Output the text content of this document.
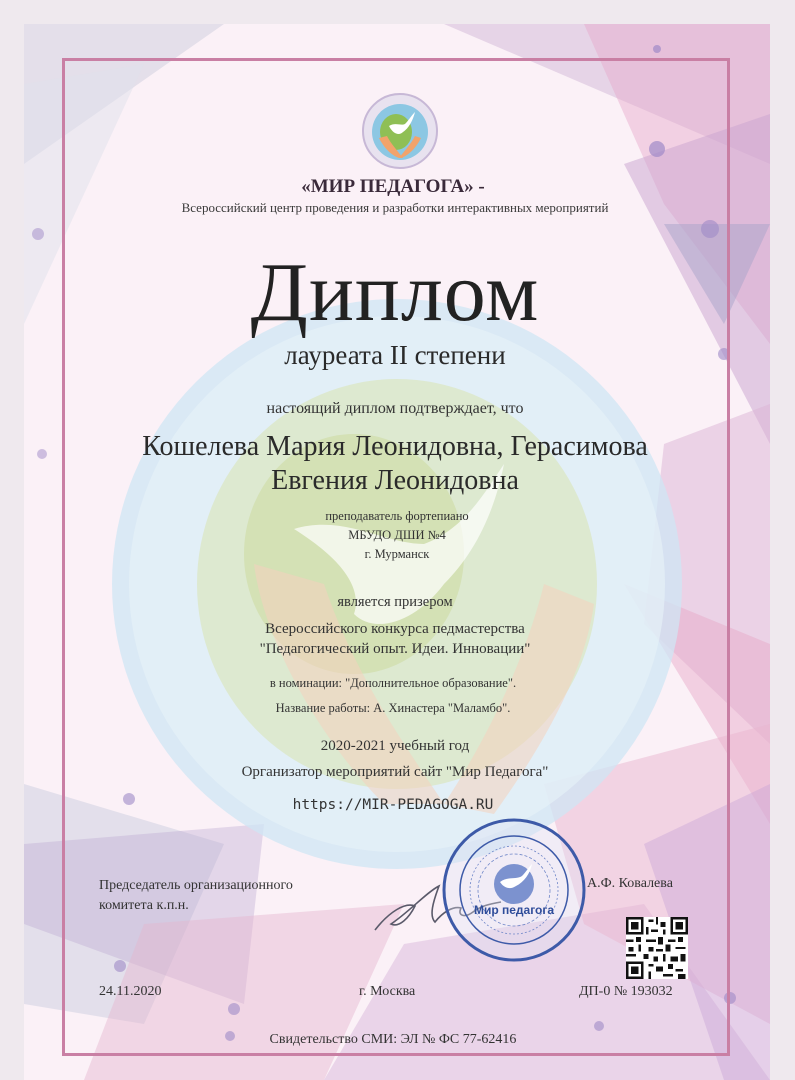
«МИР ПЕДАГОГА» -
Всероссийский центр проведения и разработки интерактивных мероприятий
Диплом
лауреата II степени
настоящий диплом подтверждает, что
Кошелева Мария Леонидовна, Герасимова
Евгения Леонидовна
преподаватель фортепиано
МБУДО ДШИ №4
г. Мурманск
является призером
Всероссийского конкурса педмастерства
"Педагогический опыт. Идеи. Инновации"
в номинации: "Дополнительное образование".
Название работы: А. Хинастера "Маламбо".
2020-2021 учебный год
Организатор мероприятий сайт "Мир Педагога"
https://MIR-PEDAGOGA.RU
Председатель организационного
комитета к.п.н.	Мир педагога
А.Ф. Ковалева
24.11.2020	г. Москва	ДП-0 № 193032
Свидетельство СМИ: ЭЛ № ФС 77-62416
